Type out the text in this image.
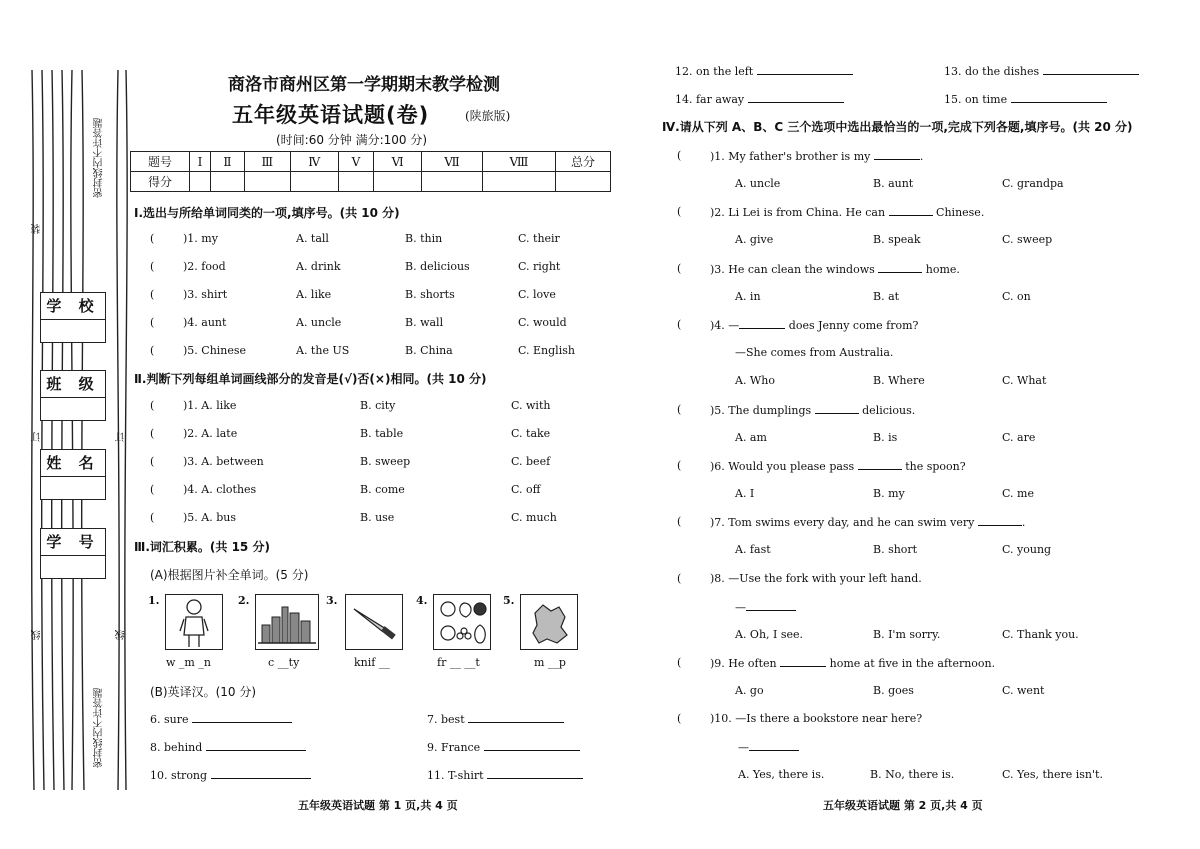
密封线内不许答题
密封线内不许答题
装
订	订
线	线
学 校
班 级
姓 名
学 号
商洛市商州区第一学期期末教学检测
五年级英语试题(卷)	(陕旅版)
(时间:60 分钟 满分:100 分)
题号	Ⅰ	Ⅱ	Ⅲ	Ⅳ	Ⅴ	Ⅵ	Ⅶ	Ⅷ	总分
得分									
Ⅰ.选出与所给单词同类的一项,填序号。(共 10 分)
(	)1. my	A. tall	B. thin	C. their
(	)2. food	A. drink	B. delicious	C. right
(	)3. shirt	A. like	B. shorts	C. love
(	)4. aunt	A. uncle	B. wall	C. would
(	)5. Chinese	A. the US	B. China	C. English
Ⅱ.判断下列每组单词画线部分的发音是(√)否(×)相同。(共 10 分)
(	)1. A. like	B. city	C. with
(	)2. A. late	B. table	C. take
(	)3. A. between	B. sweep	C. beef
(	)4. A. clothes	B. come	C. off
(	)5. A. bus	B. use	C. much
Ⅲ.词汇积累。(共 15 分)
(A)根据图片补全单词。(5 分)
1.
w _m _n
2.
c __ty
3.
knif __
4.
fr __ __t
5.
m __p
(B)英译汉。(10 分)
6. sure	7. best
8. behind	9. France
10. strong	11. T-shirt
五年级英语试题 第 1 页,共 4 页
12. on the left	13. do the dishes
14. far away	15. on time
Ⅳ.请从下列 A、B、C 三个选项中选出最恰当的一项,完成下列各题,填序号。(共 20 分)
(	)1. My father's brother is my	.
A. uncle	B. aunt	C. grandpa
(	)2. Li Lei is from China. He can	Chinese.
A. give	B. speak	C. sweep
(	)3. He can clean the windows	home.
A. in	B. at	C. on
(	)4. —	does Jenny come from?
—She comes from Australia.
A. Who	B. Where	C. What
(	)5. The dumplings	delicious.
A. am	B. is	C. are
(	)6. Would you please pass	the spoon?
A. I	B. my	C. me
(	)7. Tom swims every day, and he can swim very	.
A. fast	B. short	C. young
(	)8. —Use the fork with your left hand.
—
A. Oh, I see.	B. I'm sorry.	C. Thank you.
(	)9. He often	home at five in the afternoon.
A. go	B. goes	C. went
(	)10. —Is there a bookstore near here?
—
A. Yes, there is.	B. No, there is.	C. Yes, there isn't.
五年级英语试题 第 2 页,共 4 页
